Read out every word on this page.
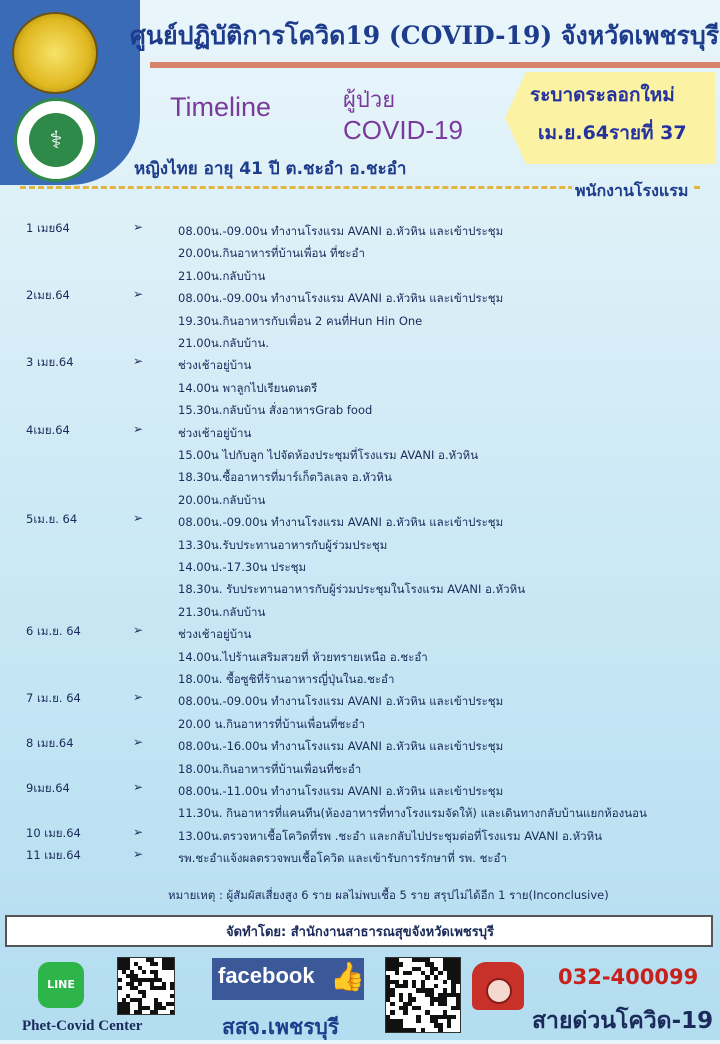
⚕
ศูนย์ปฏิบัติการโควิด19 (COVID-19) จังหวัดเพชรบุรี
Timeline	ผู้ป่วย
COVID-19
ระบาดระลอกใหม่
เม.ย.64รายที่ 37
หญิงไทย อายุ 41 ปี ต.ชะอำ อ.ชะอำ
พนักงานโรงแรม
1 เมย64	➢	08.00น.-09.00น ทำงานโรงแรม AVANI อ.หัวหิน และเข้าประชุม
20.00น.กินอาหารที่บ้านเพื่อน ที่ชะอำ
21.00น.กลับบ้าน
2เมย.64	➢	08.00น.-09.00น ทำงานโรงแรม AVANI อ.หัวหิน และเข้าประชุม
19.30น.กินอาหารกับเพื่อน 2 คนที่Hun Hin One
21.00น.กลับบ้าน.
3 เมย.64	➢	ช่วงเช้าอยู่บ้าน
14.00น พาลูกไปเรียนดนตรี
15.30น.กลับบ้าน สั่งอาหารGrab food
4เมย.64	➢	ช่วงเช้าอยู่บ้าน
15.00น ไปกับลูก ไปจัดห้องประชุมที่โรงแรม AVANI อ.หัวหิน
18.30น.ซื้ออาหารที่มาร์เก็ตวิลเลจ อ.หัวหิน
20.00น.กลับบ้าน
5เม.ย. 64	➢	08.00น.-09.00น ทำงานโรงแรม AVANI อ.หัวหิน และเข้าประชุม
13.30น.รับประทานอาหารกับผู้ร่วมประชุม
14.00น.-17.30น ประชุม
18.30น. รับประทานอาหารกับผู้ร่วมประชุมในโรงแรม AVANI อ.หัวหิน
21.30น.กลับบ้าน
6 เม.ย. 64	➢	ช่วงเช้าอยู่บ้าน
14.00น.ไปร้านเสริมสวยที่ ห้วยทรายเหนือ อ.ชะอำ
18.00น. ซื้อซูชิที่ร้านอาหารญี่ปุ่นในอ.ชะอำ
7 เม.ย. 64	➢	08.00น.-09.00น ทำงานโรงแรม AVANI อ.หัวหิน และเข้าประชุม
20.00 น.กินอาหารที่บ้านเพื่อนที่ชะอำ
8 เมย.64	➢	08.00น.-16.00น ทำงานโรงแรม AVANI อ.หัวหิน และเข้าประชุม
18.00น.กินอาหารที่บ้านเพื่อนที่ชะอำ
9เมย.64	➢	08.00น.-11.00น ทำงานโรงแรม AVANI อ.หัวหิน และเข้าประชุม
11.30น. กินอาหารที่แคนทีน(ห้องอาหารที่ทางโรงแรมจัดให้) และเดินทางกลับบ้านแยกห้องนอน
10 เมย.64	➢	13.00น.ตรวจหาเชื้อโควิดที่รพ .ชะอำ และกลับไปประชุมต่อที่โรงแรม AVANI อ.หัวหิน
11 เมย.64	➢	รพ.ชะอำแจ้งผลตรวจพบเชื้อโควิด และเข้ารับการรักษาที่ รพ. ชะอำ
หมายเหตุ : ผู้สัมผัสเสี่ยงสูง 6 ราย ผลไม่พบเชื้อ 5 ราย สรุปไม่ได้อีก 1 ราย(Inconclusive)
จัดทำโดย: สำนักงานสาธารณสุขจังหวัดเพชรบุรี
LINE
Phet-Covid Center
facebook 👍
สสจ.เพชรบุรี
032-400099
สายด่วนโควิด-19
